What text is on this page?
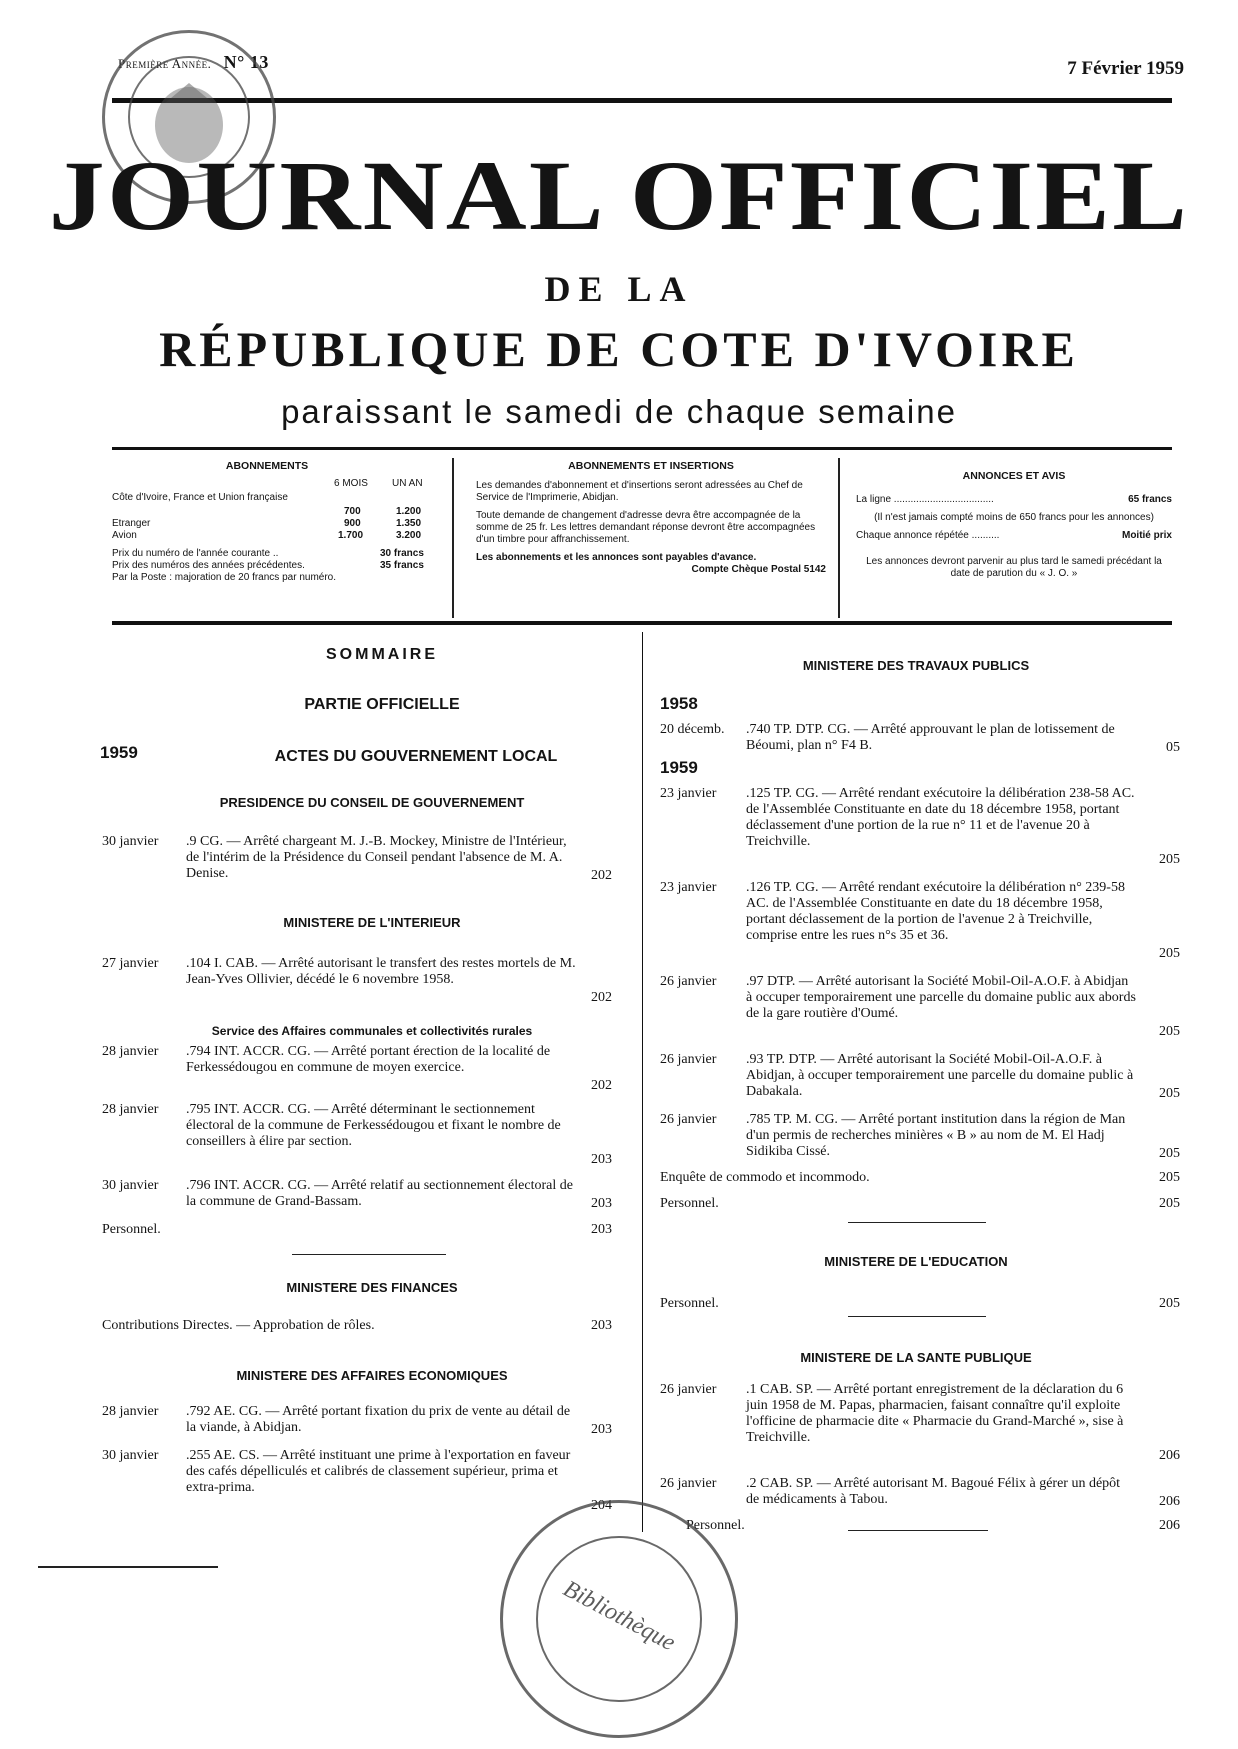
Première Année. N° 13	7 Février 1959
JOURNAL OFFICIEL
DE LA
RÉPUBLIQUE DE COTE D'IVOIRE
paraissant le samedi de chaque semaine
ABONNEMENTS
6 MOIS UN AN
Côte d'Ivoire, France et Union française
700	1.200
Etranger	900	1.350
Avion	1.700	3.200
Prix du numéro de l'année courante ..	30 francs
Prix des numéros des années précédentes.	35 francs
Par la Poste : majoration de 20 francs par numéro.
ABONNEMENTS ET INSERTIONS
Les demandes d'abonnement et d'insertions seront adressées au Chef de Service de l'Imprimerie, Abidjan.
Toute demande de changement d'adresse devra être accompagnée de la somme de 25 fr. Les lettres demandant réponse devront être accompagnées d'un timbre pour affranchissement.
Les abonnements et les annonces sont payables d'avance.
Compte Chèque Postal 5142
ANNONCES ET AVIS
La ligne ....................................	65 francs
(Il n'est jamais compté moins de 650 francs pour les annonces)
Chaque annonce répétée ..........	Moitié prix
Les annonces devront parvenir au plus tard le samedi précédant la date de parution du « J. O. »
SOMMAIRE
PARTIE OFFICIELLE
1959	ACTES DU GOUVERNEMENT LOCAL
PRESIDENCE DU CONSEIL DE GOUVERNEMENT
30 janvier .9 CG. — Arrêté chargeant M. J.-B. Mockey, Ministre de l'Intérieur, de l'intérim de la Présidence du Conseil pendant l'absence de M. A. Denise.	202
MINISTERE DE L'INTERIEUR
27 janvier .104 I. CAB. — Arrêté autorisant le transfert des restes mortels de M. Jean-Yves Ollivier, décédé le 6 novembre 1958.
202
Service des Affaires communales et collectivités rurales
28 janvier .794 INT. ACCR. CG. — Arrêté portant érection de la localité de Ferkessédougou en commune de moyen exercice.
202
28 janvier .795 INT. ACCR. CG. — Arrêté déterminant le sectionnement électoral de la commune de Ferkessédougou et fixant le nombre de conseillers à élire par section.
203
30 janvier .796 INT. ACCR. CG. — Arrêté relatif au sectionnement électoral de la commune de Grand-Bassam.	203
Personnel.	203
MINISTERE DES FINANCES
Contributions Directes. — Approbation de rôles.	203
MINISTERE DES AFFAIRES ECONOMIQUES
28 janvier .792 AE. CG. — Arrêté portant fixation du prix de vente au détail de la viande, à Abidjan.	203
30 janvier .255 AE. CS. — Arrêté instituant une prime à l'exportation en faveur des cafés dépelliculés et calibrés de classement supérieur, prima et extra-prima.
204
MINISTERE DES TRAVAUX PUBLICS
1958
20 décemb. .740 TP. DTP. CG. — Arrêté approuvant le plan de lotissement de Béoumi, plan n° F4 B.	05
1959
23 janvier .125 TP. CG. — Arrêté rendant exécutoire la délibération 238-58 AC. de l'Assemblée Constituante en date du 18 décembre 1958, portant déclassement d'une portion de la rue n° 11 et de l'avenue 20 à Treichville.
205
23 janvier .126 TP. CG. — Arrêté rendant exécutoire la délibération n° 239-58 AC. de l'Assemblée Constituante en date du 18 décembre 1958, portant déclassement de la portion de l'avenue 2 à Treichville, comprise entre les rues n°s 35 et 36.
205
26 janvier .97 DTP. — Arrêté autorisant la Société Mobil-Oil-A.O.F. à Abidjan à occuper temporairement une parcelle du domaine public aux abords de la gare routière d'Oumé.
205
26 janvier .93 TP. DTP. — Arrêté autorisant la Société Mobil-Oil-A.O.F. à Abidjan, à occuper temporairement une parcelle du domaine public à Dabakala.	205
26 janvier .785 TP. M. CG. — Arrêté portant institution dans la région de Man d'un permis de recherches minières « B » au nom de M. El Hadj Sidikiba Cissé.	205
Enquête de commodo et incommodo.	205
Personnel.	205
MINISTERE DE L'EDUCATION
Personnel.	205
MINISTERE DE LA SANTE PUBLIQUE
26 janvier .1 CAB. SP. — Arrêté portant enregistrement de la déclaration du 6 juin 1958 de M. Papas, pharmacien, faisant connaître qu'il exploite l'officine de pharmacie dite « Pharmacie du Grand-Marché », sise à Treichville.
206
26 janvier .2 CAB. SP. — Arrêté autorisant M. Bagoué Félix à gérer un dépôt de médicaments à Tabou.	206
Personnel.	206
Bibliothèque
